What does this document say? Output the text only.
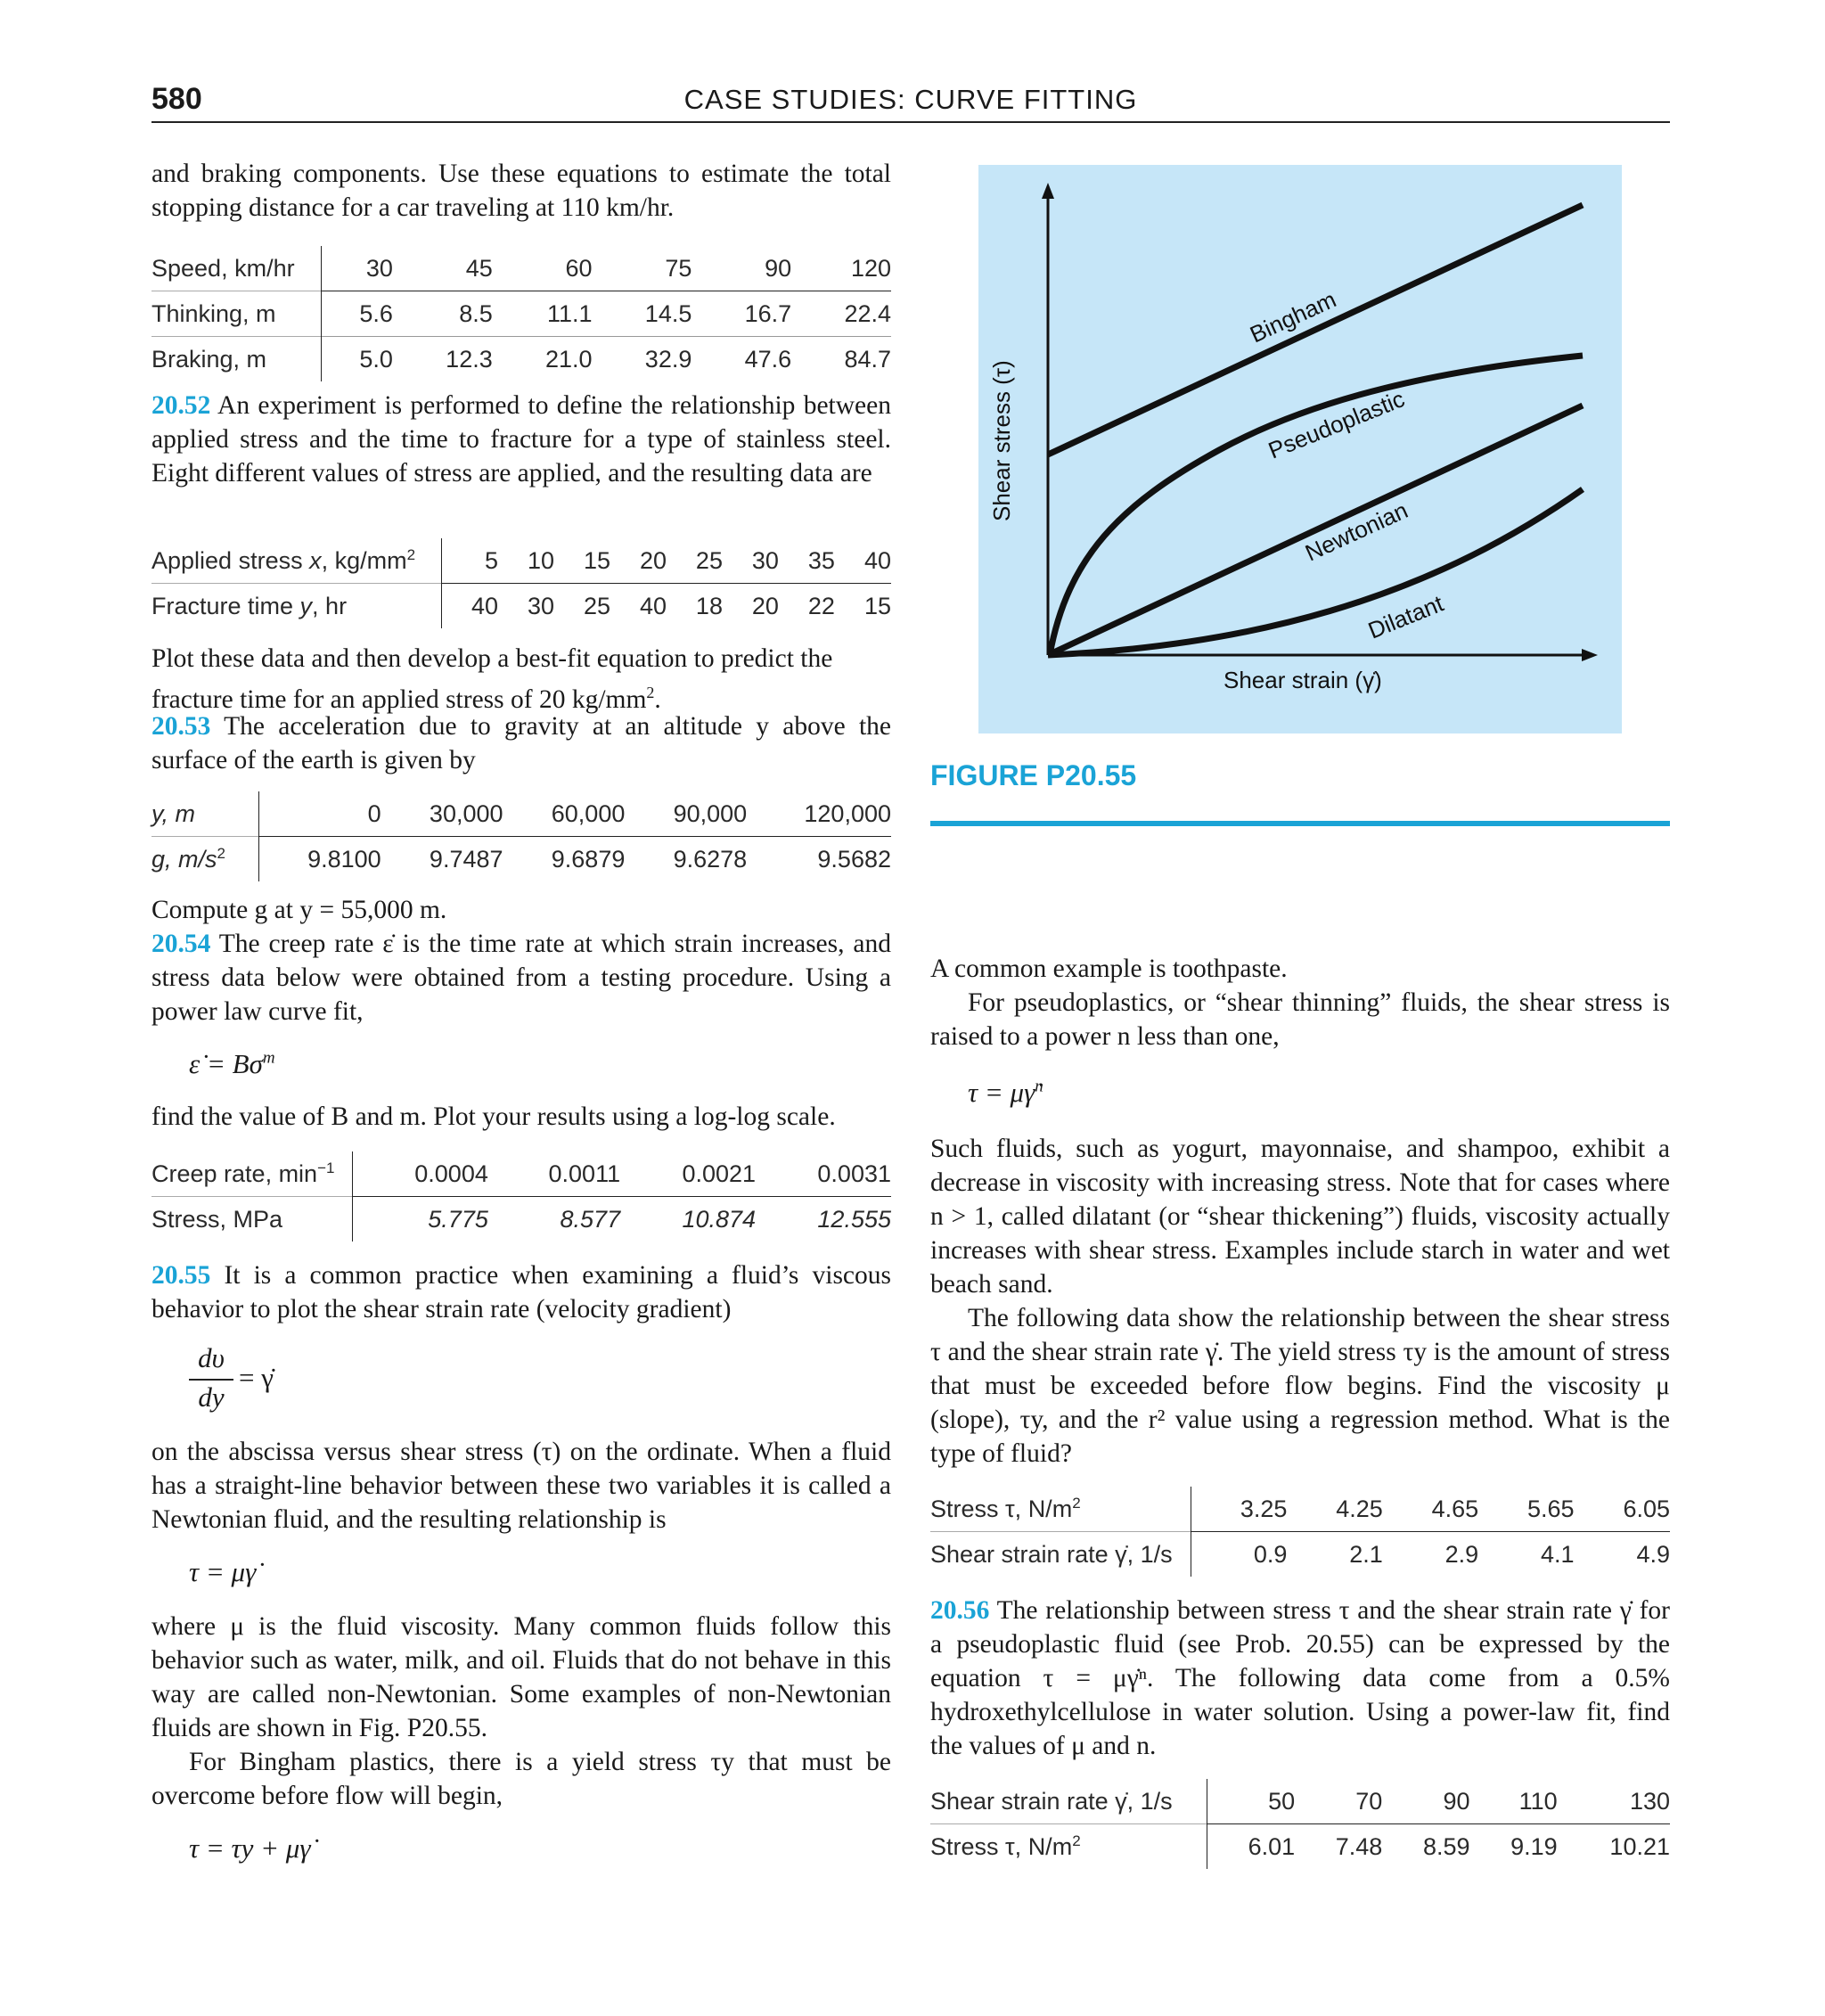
580	CASE STUDIES: CURVE FITTING

and braking components. Use these equations to estimate the total stopping distance for a car traveling at 110 km/hr.

Speed, km/hr	30	45	60	75	90	120
Thinking, m	5.6	8.5	11.1	14.5	16.7	22.4
Braking, m	5.0	12.3	21.0	32.9	47.6	84.7

20.52 An experiment is performed to define the relationship between applied stress and the time to fracture for a type of stainless steel. Eight different values of stress are applied, and the resulting data are

Applied stress x, $kg/mm^2$	5	10	15	20	25	30	35	40
Fracture time y, hr	40	30	25	40	18	20	22	15

Plot these data and then develop a best-fit equation to predict the fracture time for an applied stress of 20 $kg/mm^2$.

20.53 The acceleration due to gravity at an altitude y above the surface of the earth is given by

y, m	0	30,000	60,000	90,000	120,000
g, $m/s^2$	9.8100	9.7487	9.6879	9.6278	9.5682

Compute g at y = 55,000 m.

20.54 The creep rate ε̇ is the time rate at which strain increases, and stress data below were obtained from a testing procedure. Using a power law curve fit,

ε̇ = $B\sigma^m$

find the value of B and m. Plot your results using a log-log scale.

Creep rate, $\min^{-1}$	0.0004	0.0011	0.0021	0.0031
Stress, MPa	5.775	8.577	10.874	12.555

20.55 It is a common practice when examining a fluid’s viscous behavior to plot the shear strain rate (velocity gradient)

dυ
dy
= γ̇

on the abscissa versus shear stress (τ) on the ordinate. When a fluid has a straight-line behavior between these two variables it is called a Newtonian fluid, and the resulting relationship is

τ = μγ̇

where μ is the fluid viscosity. Many common fluids follow this behavior such as water, milk, and oil. Fluids that do not behave in this way are called non-Newtonian. Some examples of non-Newtonian fluids are shown in Fig. P20.55.

For Bingham plastics, there is a yield stress τy that must be overcome before flow will begin,

τ = τy + μγ̇
Shear stress (τ)
Shear strain (γ̇)
Bingham
Pseudoplastic
Newtonian
Dilatant
FIGURE P20.55

A common example is toothpaste.

For pseudoplastics, or “shear thinning” fluids, the shear stress is raised to a power n less than one,

τ = μγ̇$^n$

Such fluids, such as yogurt, mayonnaise, and shampoo, exhibit a decrease in viscosity with increasing stress. Note that for cases where n > 1, called dilatant (or “shear thickening”) fluids, viscosity actually increases with shear stress. Examples include starch in water and wet beach sand.

The following data show the relationship between the shear stress τ and the shear strain rate γ̇. The yield stress τy is the amount of stress that must be exceeded before flow begins. Find the viscosity μ (slope), τy, and the r² value using a regression method. What is the type of fluid?

Stress τ, $N/m^2$	3.25	4.25	4.65	5.65	6.05
Shear strain rate γ̇, 1/s	0.9	2.1	2.9	4.1	4.9

20.56 The relationship between stress τ and the shear strain rate γ̇ for a pseudoplastic fluid (see Prob. 20.55) can be expressed by the equation τ = μγ̇ⁿ. The following data come from a 0.5% hydroxethylcellulose in water solution. Using a power-law fit, find the values of μ and n.

Shear strain rate γ̇, 1/s	50	70	90	110	130
Stress τ, $N/m^2$	6.01	7.48	8.59	9.19	10.21
